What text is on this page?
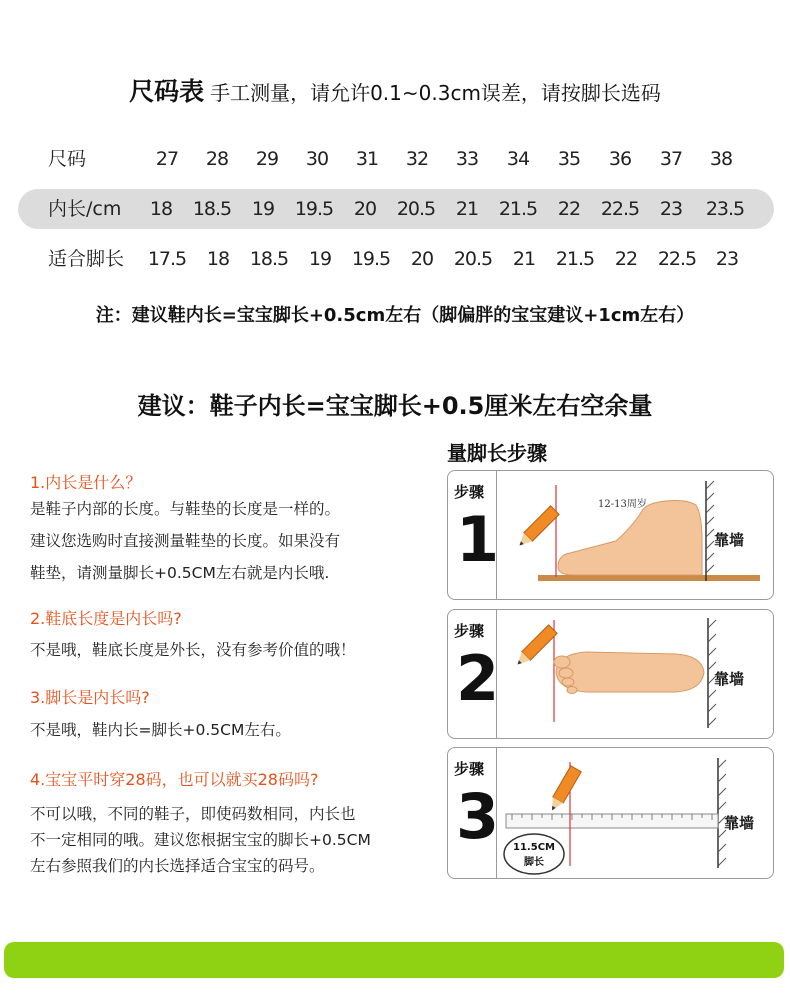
尺码表 手工测量，请允许0.1~0.3cm误差，请按脚长选码
尺码	27	28	29	30	31	32	33	34	35	36	37	38
内长/cm	18	18.5	19	19.5	20	20.5	21	21.5	22	22.5	23	23.5
适合脚长	17.5	18	18.5	19	19.5	20	20.5	21	21.5	22	22.5	23
注：建议鞋内长=宝宝脚长+0.5cm左右（脚偏胖的宝宝建议+1cm左右）
建议：鞋子内长=宝宝脚长+0.5厘米左右空余量
1.内长是什么？
是鞋子内部的长度。与鞋垫的长度是一样的。
建议您选购时直接测量鞋垫的长度。如果没有
鞋垫，请测量脚长+0.5CM左右就是内长哦.
2.鞋底长度是内长吗?
不是哦，鞋底长度是外长，没有参考价值的哦！
3.脚长是内长吗?
不是哦，鞋内长=脚长+0.5CM左右。
4.宝宝平时穿28码，也可以就买28码吗?
不可以哦，不同的鞋子，即使码数相同，内长也
不一定相同的哦。建议您根据宝宝的脚长+0.5CM
左右参照我们的内长选择适合宝宝的码号。
量脚长步骤
步骤
1	12-13周岁
靠墙
步骤
2	靠墙
步骤
3 11.5CM
脚长
靠墙
